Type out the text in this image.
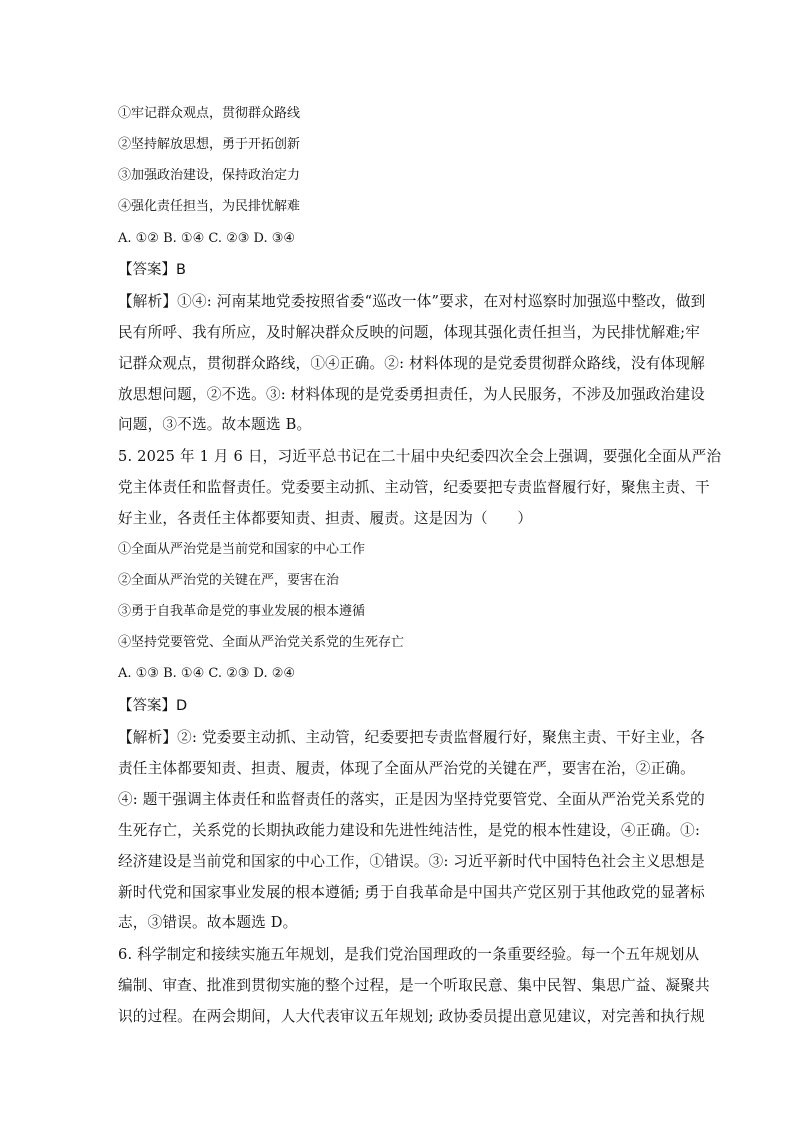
①牢记群众观点，贯彻群众路线
②坚持解放思想，勇于开拓创新
③加强政治建设，保持政治定力
④强化责任担当，为民排忧解难
A. ①② B. ①④ C. ②③ D. ③④
【答案】B
【解析】①④: 河南某地党委按照省委“巡改一体”要求，在对村巡察时加强巡中整改，做到
民有所呼、我有所应，及时解决群众反映的问题，体现其强化责任担当，为民排忧解难;牢
记群众观点，贯彻群众路线，①④正确。②: 材料体现的是党委贯彻群众路线，没有体现解
放思想问题，②不选。③: 材料体现的是党委勇担责任，为人民服务，不涉及加强政治建设
问题，③不选。故本题选 B。
5. 2025 年 1 月 6 日，习近平总书记在二十届中央纪委四次全会上强调，要强化全面从严治
党主体责任和监督责任。党委要主动抓、主动管，纪委要把专责监督履行好，聚焦主责、干
好主业，各责任主体都要知责、担责、履责。这是因为（　　）
①全面从严治党是当前党和国家的中心工作
②全面从严治党的关键在严，要害在治
③勇于自我革命是党的事业发展的根本遵循
④坚持党要管党、全面从严治党关系党的生死存亡
A. ①③ B. ①④ C. ②③ D. ②④
【答案】D
【解析】②: 党委要主动抓、主动管，纪委要把专责监督履行好，聚焦主责、干好主业，各
责任主体都要知责、担责、履责，体现了全面从严治党的关键在严，要害在治，②正确。
④: 题干强调主体责任和监督责任的落实，正是因为坚持党要管党、全面从严治党关系党的
生死存亡，关系党的长期执政能力建设和先进性纯洁性，是党的根本性建设，④正确。①:
经济建设是当前党和国家的中心工作，①错误。③: 习近平新时代中国特色社会主义思想是
新时代党和国家事业发展的根本遵循; 勇于自我革命是中国共产党区别于其他政党的显著标
志，③错误。故本题选 D。
6. 科学制定和接续实施五年规划，是我们党治国理政的一条重要经验。每一个五年规划从
编制、审查、批准到贯彻实施的整个过程，是一个听取民意、集中民智、集思广益、凝聚共
识的过程。在两会期间，人大代表审议五年规划; 政协委员提出意见建议，对完善和执行规
